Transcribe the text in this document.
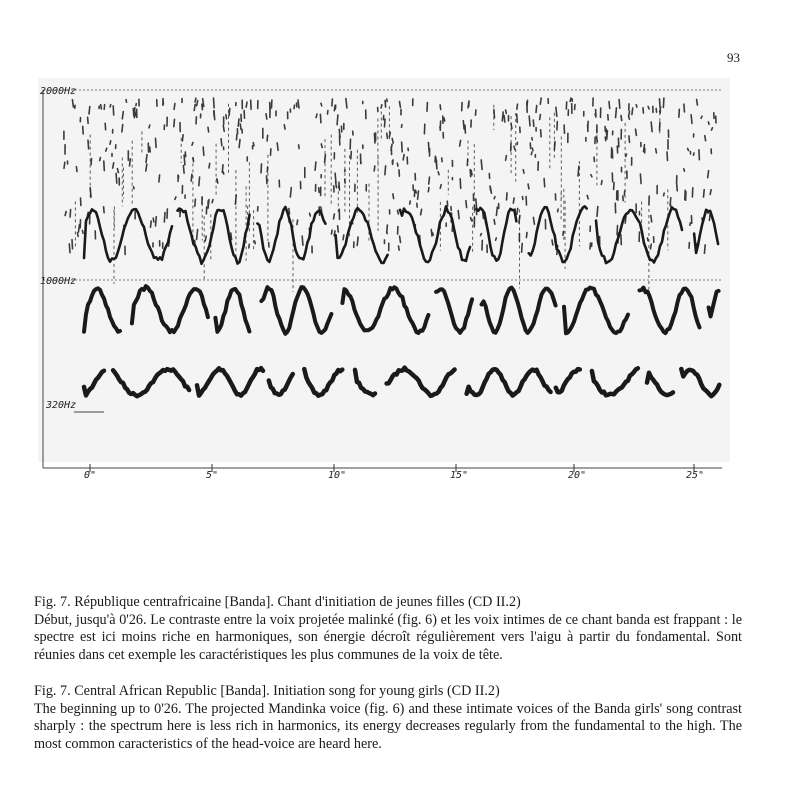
93
2000Hz
1000Hz
320Hz
0"	5"	10"	15"	20"	25"

Fig. 7. République centrafricaine [Banda]. Chant d'initiation de jeunes filles (CD II.2)

Début, jusqu'à 0'26. Le contraste entre la voix projetée malinké (fig. 6) et les voix intimes de ce chant banda est frappant : le spectre est ici moins riche en harmoniques, son énergie décroît régulièrement vers l'aigu à partir du fondamental. Sont réunies dans cet exemple les caractéristiques les plus communes de la voix de tête.

Fig. 7. Central African Republic [Banda]. Initiation song for young girls (CD II.2)

The beginning up to 0'26. The projected Mandinka voice (fig. 6) and these intimate voices of the Banda girls' song contrast sharply : the spectrum here is less rich in harmonics, its energy decreases regularly from the fundamental to the high. The most common caracteristics of the head-voice are heard here.
